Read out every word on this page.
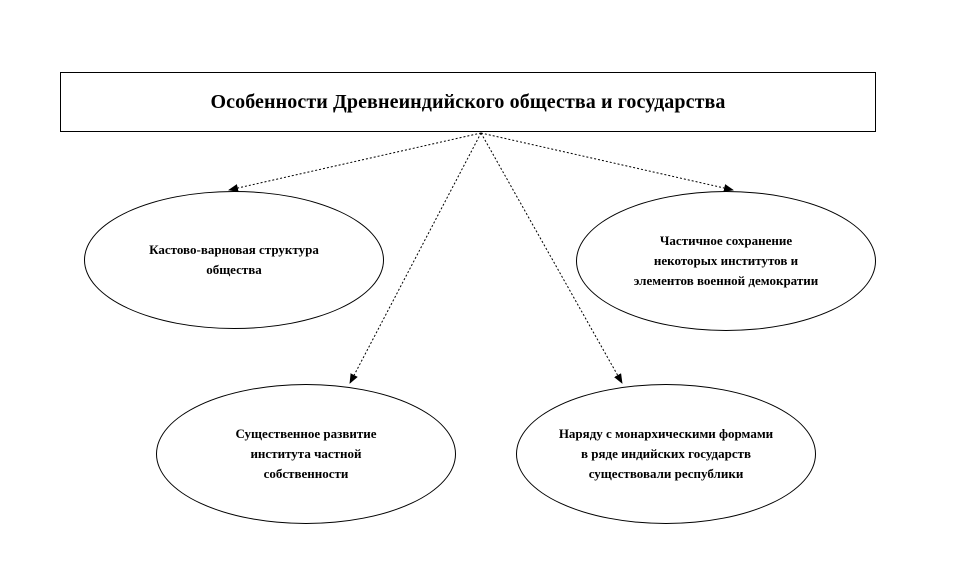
Особенности Древнеиндийского общества и государства
Кастово-варновая структура общества
Частичное сохранение некоторых институтов и элементов военной демократии
Существенное развитие института частной собственности
Наряду с монархическими формами в ряде индийских государств существовали республики
